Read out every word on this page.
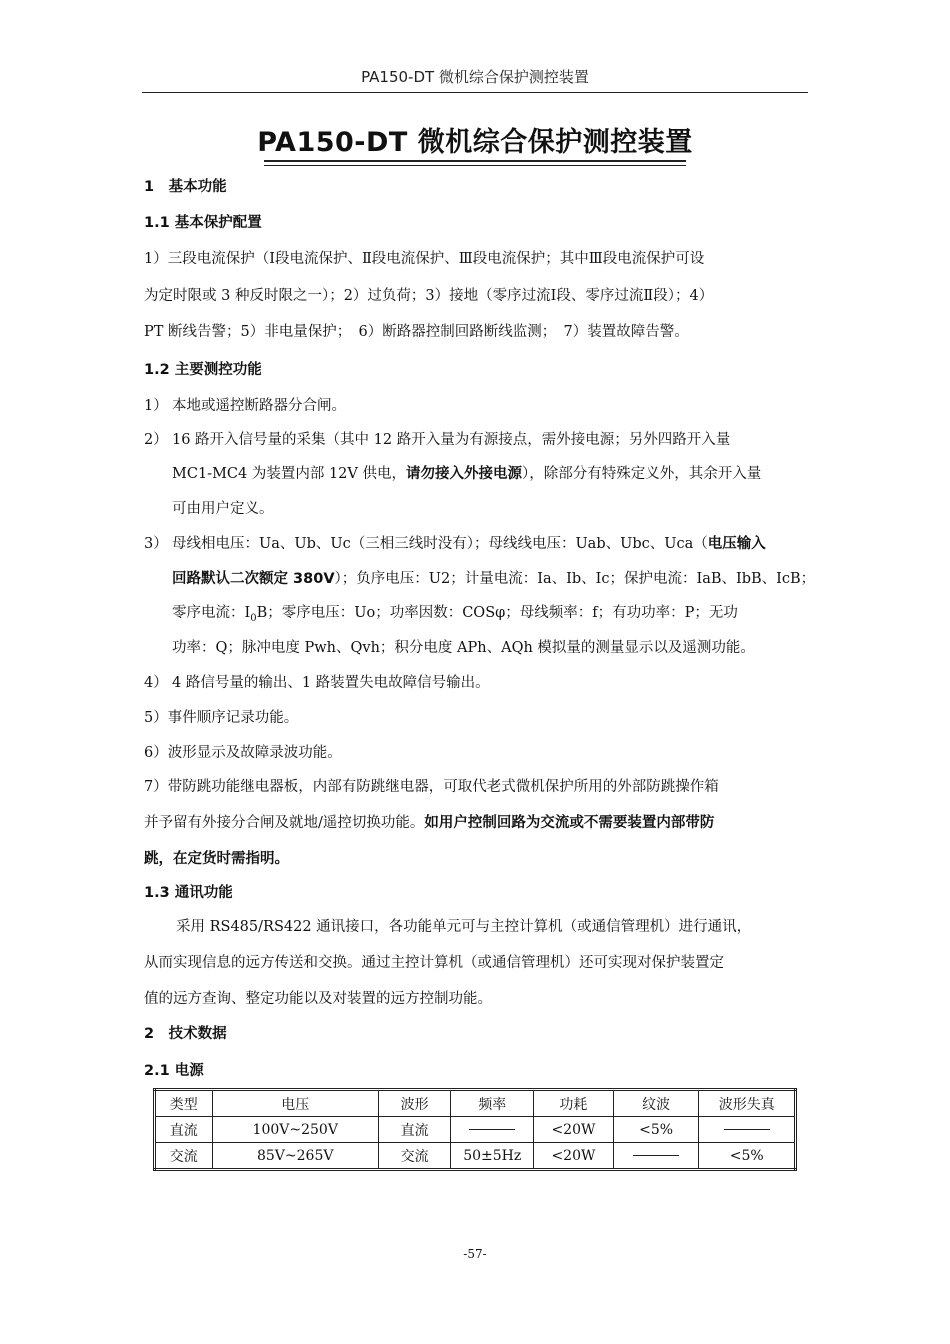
PA150-DT 微机综合保护测控装置
PA150-DT 微机综合保护测控装置
1　基本功能
1.1 基本保护配置
1）三段电流保护（Ⅰ段电流保护、Ⅱ段电流保护、Ⅲ段电流保护；其中Ⅲ段电流保护可设
为定时限或 3 种反时限之一）；2）过负荷；3）接地（零序过流Ⅰ段、零序过流Ⅱ段）；4）
PT 断线告警；5）非电量保护；　6）断路器控制回路断线监测；　7）装置故障告警。
1.2 主要测控功能
1） 本地或遥控断路器分合闸。
2） 16 路开入信号量的采集（其中 12 路开入量为有源接点，需外接电源；另外四路开入量
MC1-MC4 为装置内部 12V 供电，请勿接入外接电源），除部分有特殊定义外，其余开入量
可由用户定义。
3） 母线相电压：Ua、Ub、Uc（三相三线时没有）；母线线电压：Uab、Ubc、Uca（电压输入
回路默认二次额定 380V）；负序电压：U2；计量电流：Ia、Ib、Ic；保护电流：IaB、IbB、IcB；
零序电流：$I_0B$；零序电压：Uo；功率因数：COSφ；母线频率：f；有功功率：P；无功
功率：Q；脉冲电度 Pwh、Qvh；积分电度 APh、AQh 模拟量的测量显示以及遥测功能。
4） 4 路信号量的输出、1 路装置失电故障信号输出。
5）事件顺序记录功能。
6）波形显示及故障录波功能。
7）带防跳功能继电器板，内部有防跳继电器，可取代老式微机保护所用的外部防跳操作箱
并予留有外接分合闸及就地/遥控切换功能。如用户控制回路为交流或不需要装置内部带防
跳，在定货时需指明。
1.3 通讯功能
采用 RS485/RS422 通讯接口，各功能单元可与主控计算机（或通信管理机）进行通讯，
从而实现信息的远方传送和交换。通过主控计算机（或通信管理机）还可实现对保护装置定
值的远方查询、整定功能以及对装置的远方控制功能。
2　技术数据
2.1 电源
类型	电压	波形	频率	功耗	纹波	波形失真
直流	100V~250V	直流		<20W	<5%	
交流	85V~265V	交流	50±5Hz	<20W		<5%
-57-
